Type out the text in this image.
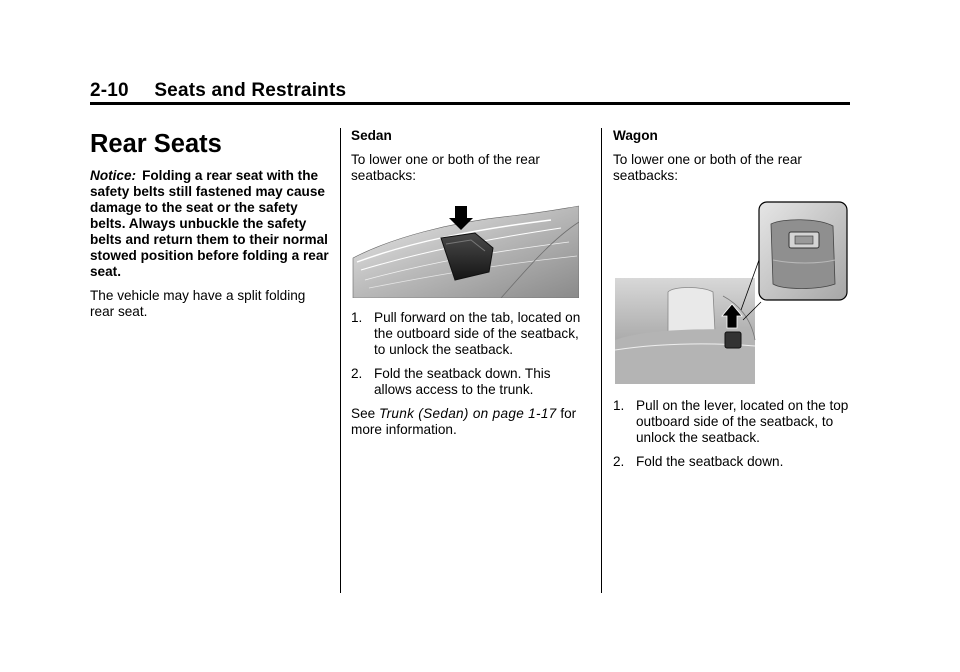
2-10 Seats and Restraints
Rear Seats
Notice: Folding a rear seat with the safety belts still fastened may cause damage to the seat or the safety belts. Always unbuckle the safety belts and return them to their normal stowed position before folding a rear seat.

The vehicle may have a split folding rear seat.

Sedan

To lower one or both of the rear seatbacks:

1. Pull forward on the tab, located on the outboard side of the seatback, to unlock the seatback.
2. Fold the seatback down. This allows access to the trunk.

See Trunk (Sedan) on page 1-17 for more information.

Wagon

To lower one or both of the rear seatbacks:

1. Pull on the lever, located on the top outboard side of the seatback, to unlock the seatback.
2. Fold the seatback down.
